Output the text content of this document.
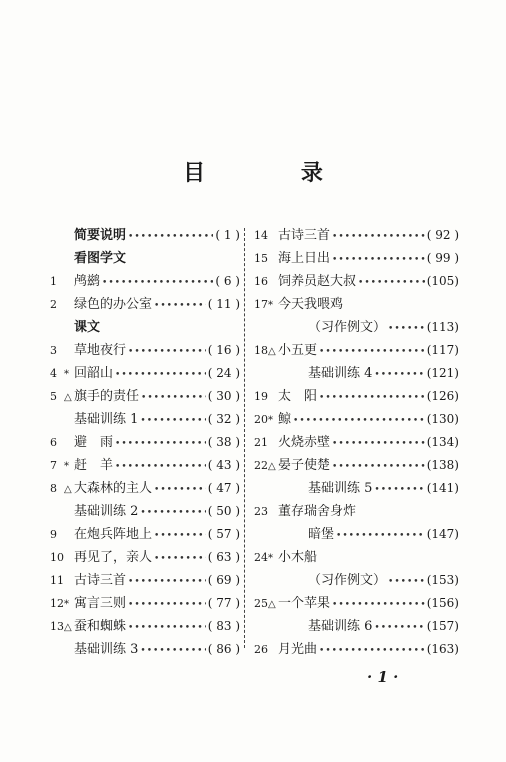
目 录
简要说明 •••••	( 1 )
看图学文
1	鸬鹚 •••••	( 6 )
2	绿色的办公室 •••••	( 11 )
课文
3	草地夜行 •••••	( 16 )
4 * 回韶山 •••••	( 24 )
5 △ 旗手的责任 •••••	( 30 )
基础训练 1 •••••	( 32 )
6	避　雨 •••••	( 38 )
7 * 赶　羊 •••••	( 43 )
8 △ 大森林的主人 •••••	( 47 )
基础训练 2 •••••	( 50 )
9	在炮兵阵地上 •••••	( 57 )
10 再见了，亲人 •••••	( 63 )
11 古诗三首 •••••	( 69 )
12 * 寓言三则 •••••	( 77 )
13 △ 蚕和蜘蛛 •••••	( 83 )
基础训练 3 •••••	( 86 )
14 古诗三首 •••••	( 92 )
15 海上日出 •••••	( 99 )
16 饲养员赵大叔 •••••	(105)
17 * 今天我喂鸡
（习作例文） •••••	(113)
18 △ 小五更 •••••	(117)
基础训练 4 •••••	(121)
19 太　阳 •••••	(126)
20 * 鲸 •••••	(130)
21 火烧赤壁 •••••	(134)
22 △ 晏子使楚 •••••	(138)
基础训练 5 •••••	(141)
23 董存瑞舍身炸
暗堡 •••••	(147)
24 * 小木船
（习作例文） •••••	(153)
25 △ 一个苹果 •••••	(156)
基础训练 6 •••••	(157)
26 月光曲 •••••	(163)
· 1 ·
